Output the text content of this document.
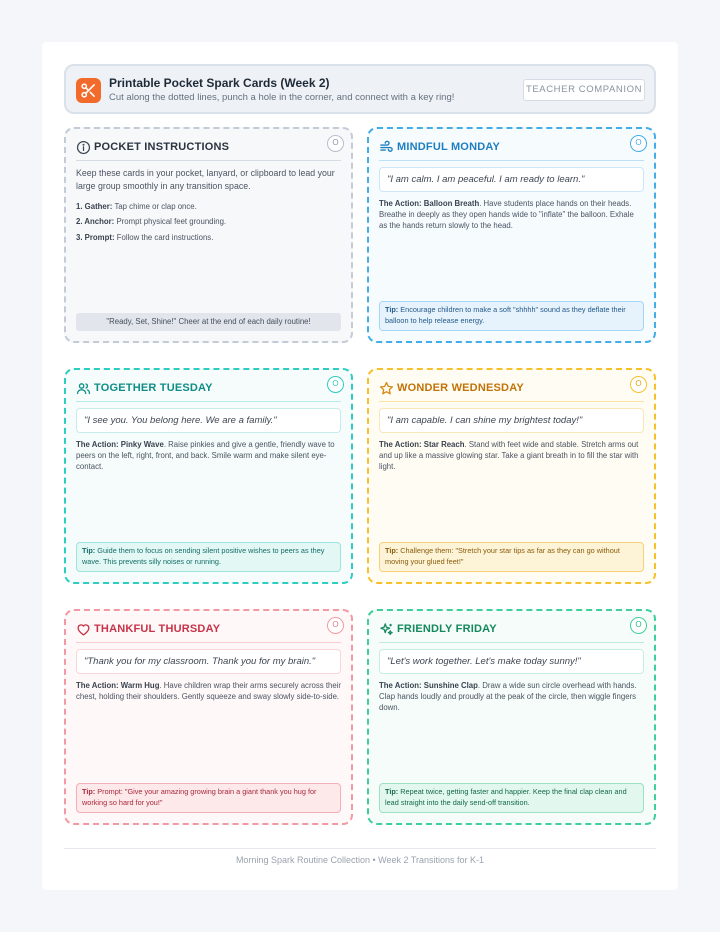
Printable Pocket Spark Cards (Week 2)
Cut along the dotted lines, punch a hole in the corner, and connect with a key ring!
TEACHER COMPANION
O
POCKET INSTRUCTIONS
Keep these cards in your pocket, lanyard, or clipboard to lead your large group smoothly in any transition space.
1. Gather: Tap chime or clap once.
2. Anchor: Prompt physical feet grounding.
3. Prompt: Follow the card instructions.
"Ready, Set, Shine!" Cheer at the end of each daily routine!
O
MINDFUL MONDAY
"I am calm. I am peaceful. I am ready to learn."
The Action: Balloon Breath. Have students place hands on their heads. Breathe in deeply as they open hands wide to "inflate" the balloon. Exhale as the hands return slowly to the head.
Tip: Encourage children to make a soft "shhhh" sound as they deflate their balloon to help release energy.
O
TOGETHER TUESDAY
"I see you. You belong here. We are a family."
The Action: Pinky Wave. Raise pinkies and give a gentle, friendly wave to peers on the left, right, front, and back. Smile warm and make silent eye-contact.
Tip: Guide them to focus on sending silent positive wishes to peers as they wave. This prevents silly noises or running.
O
WONDER WEDNESDAY
"I am capable. I can shine my brightest today!"
The Action: Star Reach. Stand with feet wide and stable. Stretch arms out and up like a massive glowing star. Take a giant breath in to fill the star with light.
Tip: Challenge them: "Stretch your star tips as far as they can go without moving your glued feet!"
O
THANKFUL THURSDAY
"Thank you for my classroom. Thank you for my brain."
The Action: Warm Hug. Have children wrap their arms securely across their chest, holding their shoulders. Gently squeeze and sway slowly side-to-side.
Tip: Prompt: "Give your amazing growing brain a giant thank you hug for working so hard for you!"
O
FRIENDLY FRIDAY
"Let's work together. Let's make today sunny!"
The Action: Sunshine Clap. Draw a wide sun circle overhead with hands. Clap hands loudly and proudly at the peak of the circle, then wiggle fingers down.
Tip: Repeat twice, getting faster and happier. Keep the final clap clean and lead straight into the daily send-off transition.
Morning Spark Routine Collection • Week 2 Transitions for K-1
